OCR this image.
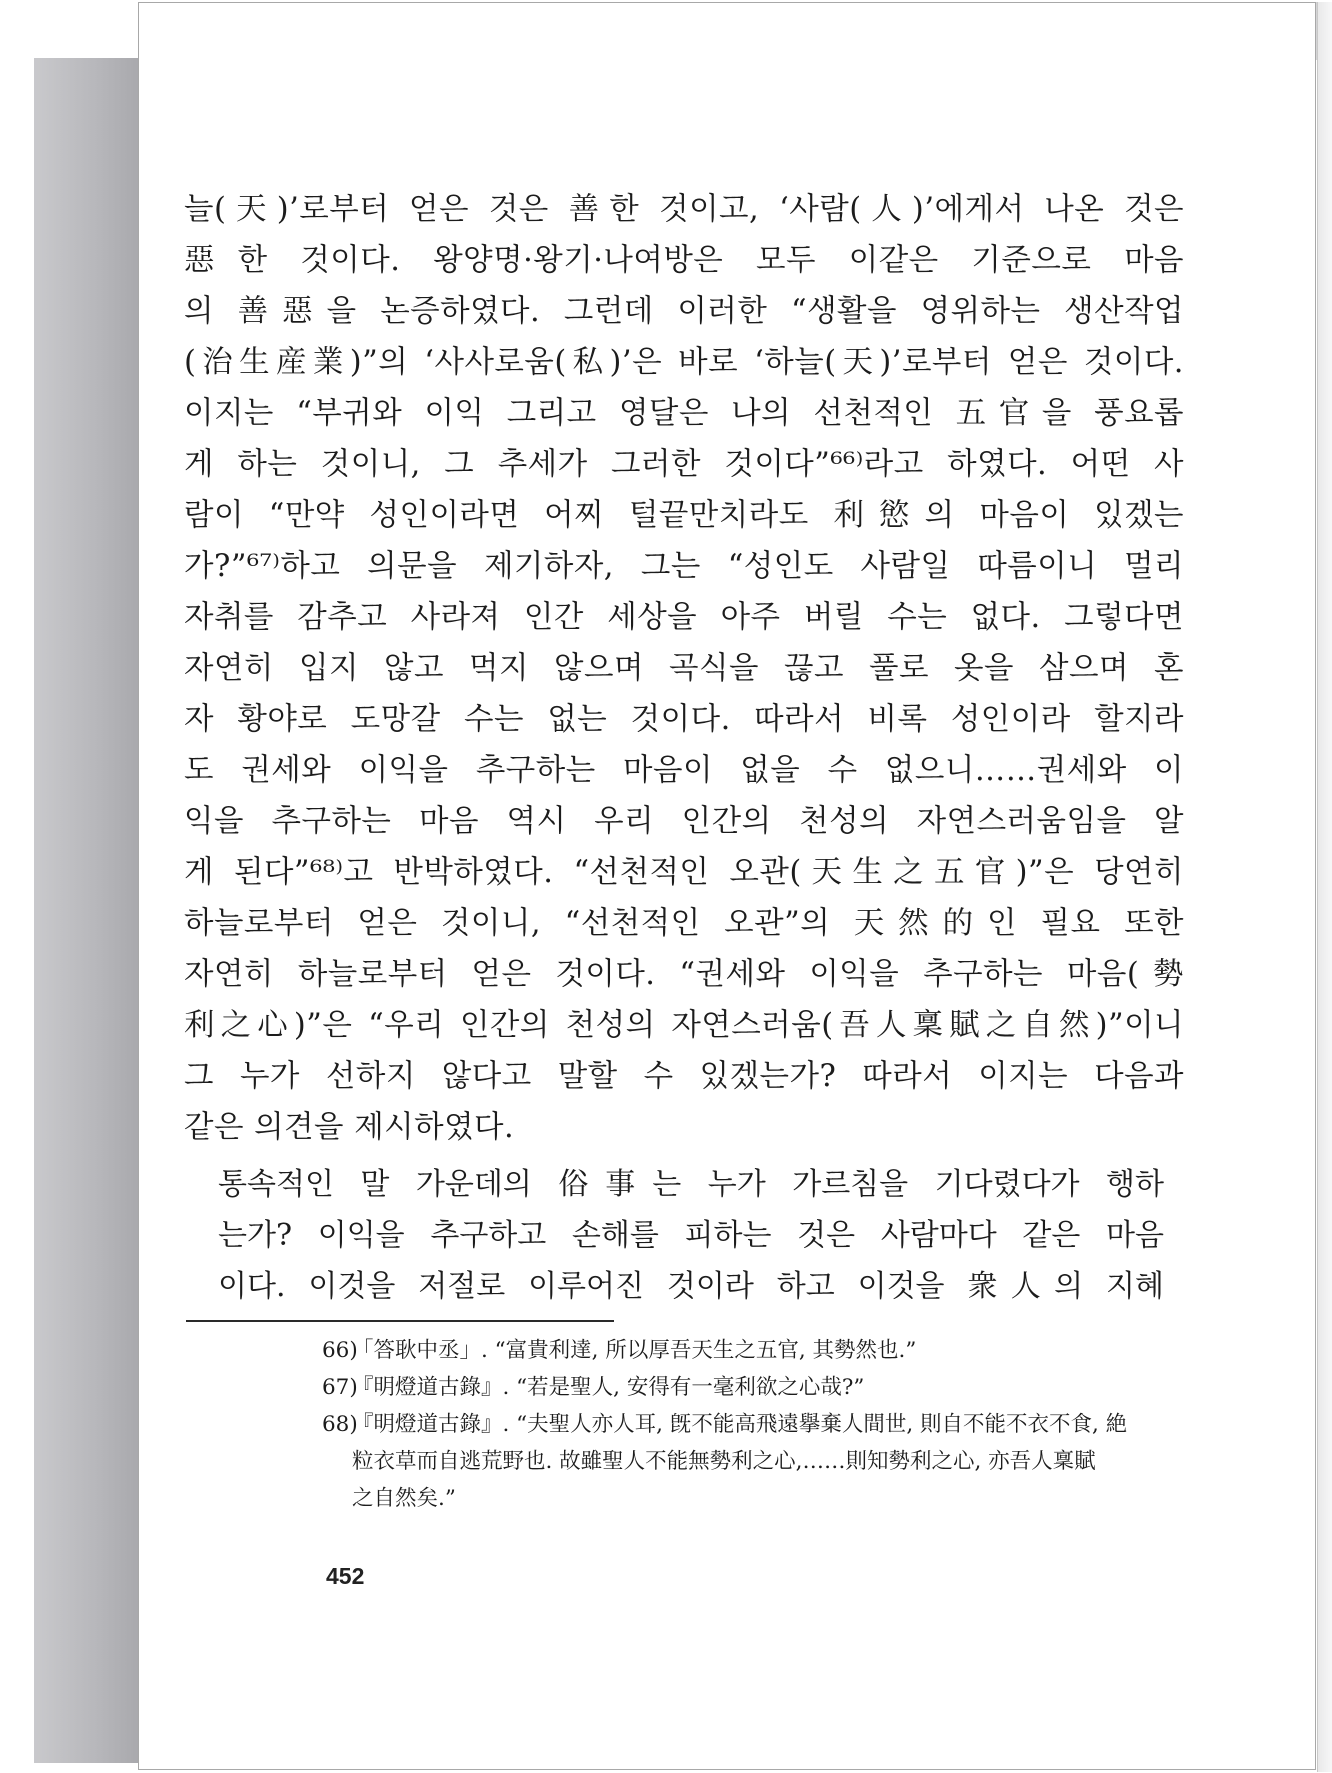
늘(天)’로부터 얻은 것은 善한 것이고, ‘사람(人)’에게서 나온 것은
惡한 것이다. 왕양명·왕기·나여방은 모두 이같은 기준으로 마음
의 善惡을 논증하였다. 그런데 이러한 “생활을 영위하는 생산작업
(治生産業)”의 ‘사사로움(私)’은 바로 ‘하늘(天)’로부터 얻은 것이다.
이지는 “부귀와 이익 그리고 영달은 나의 선천적인 五官을 풍요롭
게 하는 것이니, 그 추세가 그러한 것이다”⁶⁶⁾라고 하였다. 어떤 사
람이 “만약 성인이라면 어찌 털끝만치라도 利慾의 마음이 있겠는
가?”⁶⁷⁾하고 의문을 제기하자, 그는 “성인도 사람일 따름이니 멀리
자취를 감추고 사라져 인간 세상을 아주 버릴 수는 없다. 그렇다면
자연히 입지 않고 먹지 않으며 곡식을 끊고 풀로 옷을 삼으며 혼
자 황야로 도망갈 수는 없는 것이다. 따라서 비록 성인이라 할지라
도 권세와 이익을 추구하는 마음이 없을 수 없으니……권세와 이
익을 추구하는 마음 역시 우리 인간의 천성의 자연스러움임을 알
게 된다”⁶⁸⁾고 반박하였다. “선천적인 오관(天生之五官)”은 당연히
하늘로부터 얻은 것이니, “선천적인 오관”의 天然的인 필요 또한
자연히 하늘로부터 얻은 것이다. “권세와 이익을 추구하는 마음(勢
利之心)”은 “우리 인간의 천성의 자연스러움(吾人稟賦之自然)”이니
그 누가 선하지 않다고 말할 수 있겠는가? 따라서 이지는 다음과
같은 의견을 제시하였다.
통속적인 말 가운데의 俗事는 누가 가르침을 기다렸다가 행하
는가? 이익을 추구하고 손해를 피하는 것은 사람마다 같은 마음
이다. 이것을 저절로 이루어진 것이라 하고 이것을 衆人의 지혜
66)
「答耿中丞」. “富貴利達, 所以厚吾天生之五官, 其勢然也.”
67)
『明燈道古錄』. “若是聖人, 安得有一毫利欲之心哉?”
68)
『明燈道古錄』. “夫聖人亦人耳, 旣不能高飛遠擧棄人間世, 則自不能不衣不食, 絶
粒衣草而自逃荒野也. 故雖聖人不能無勢利之心,……則知勢利之心, 亦吾人稟賦
之自然矣.”
452
